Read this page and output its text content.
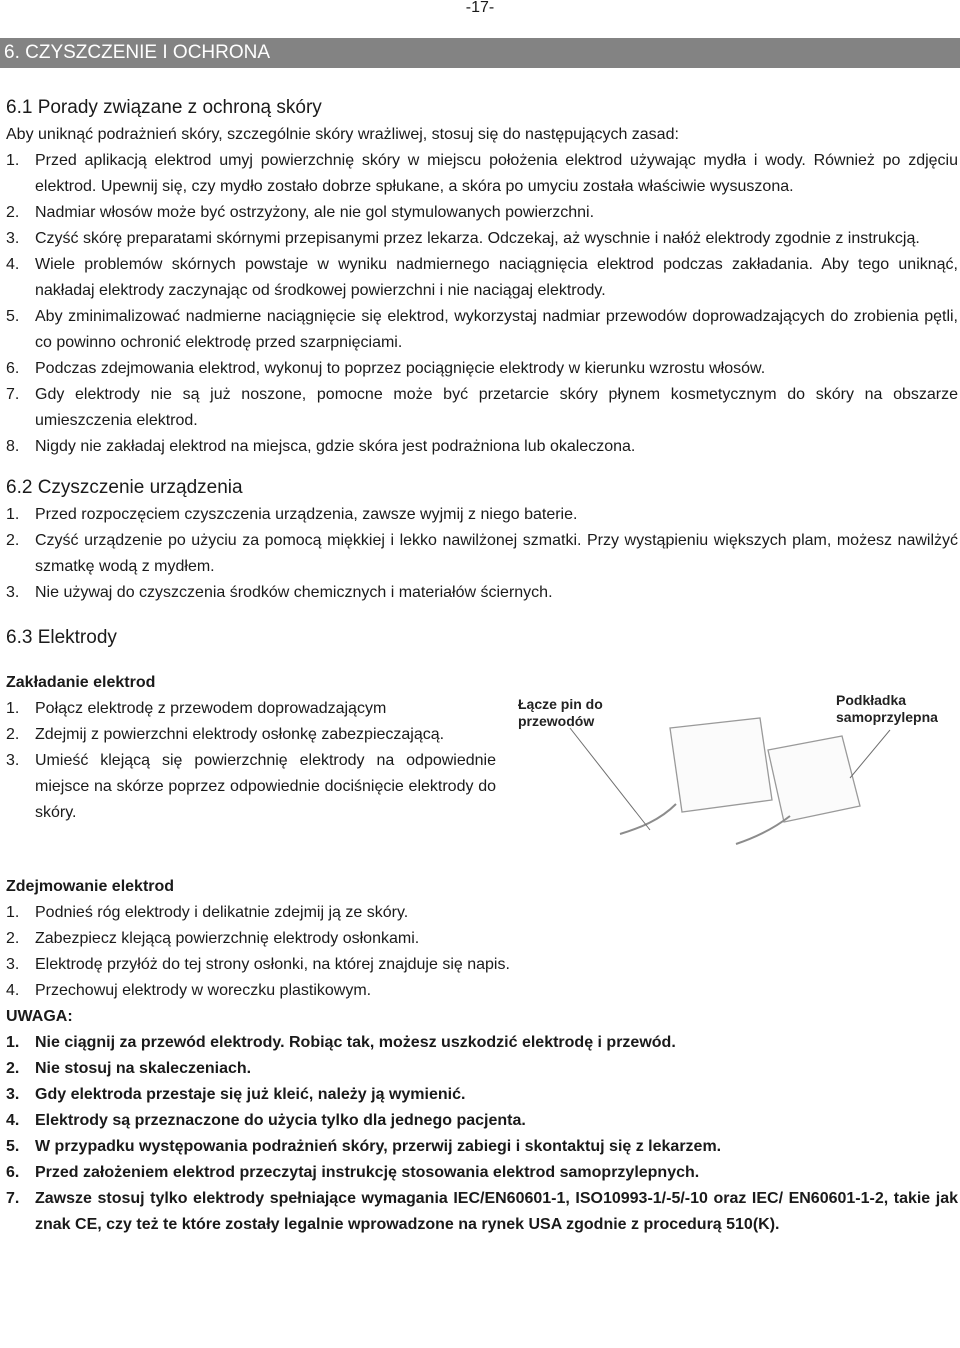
-17-
6. CZYSZCZENIE I OCHRONA
6.1 Porady związane z ochroną skóry

Aby uniknąć podrażnień skóry, szczególnie skóry wrażliwej, stosuj się do następujących zasad:

1. Przed aplikacją elektrod umyj powierzchnię skóry w miejscu położenia elektrod używając mydła i wody. Również po zdjęciu elektrod. Upewnij się, czy mydło zostało dobrze spłukane, a skóra po umyciu została właściwie wysuszona.
2. Nadmiar włosów może być ostrzyżony, ale nie gol stymulowanych powierzchni.
3. Czyść skórę preparatami skórnymi przepisanymi przez lekarza. Odczekaj, aż wyschnie i nałóż elektrody zgodnie z instrukcją.
4. Wiele problemów skórnych powstaje w wyniku nadmiernego naciągnięcia elektrod podczas zakładania. Aby tego uniknąć, nakładaj elektrody zaczynając od środkowej powierzchni i nie naciągaj elektrody.
5. Aby zminimalizować nadmierne naciągnięcie się elektrod, wykorzystaj nadmiar przewodów doprowadzających do zrobienia pętli, co powinno ochronić elektrodę przed szarpnięciami.
6. Podczas zdejmowania elektrod, wykonuj to poprzez pociągnięcie elektrody w kierunku wzrostu włosów.
7. Gdy elektrody nie są już noszone, pomocne może być przetarcie skóry płynem kosmetycznym do skóry na obszarze umieszczenia elektrod.
8. Nigdy nie zakładaj elektrod na miejsca, gdzie skóra jest podrażniona lub okaleczona.
6.2 Czyszczenie urządzenia
1. Przed rozpoczęciem czyszczenia urządzenia, zawsze wyjmij z niego baterie.
2. Czyść urządzenie po użyciu za pomocą miękkiej i lekko nawilżonej szmatki. Przy wystąpieniu większych plam, możesz nawilżyć szmatkę wodą z mydłem.
3. Nie używaj do czyszczenia środków chemicznych i materiałów ściernych.
6.3 Elektrody

Zakładanie elektrod

1. Połącz elektrodę z przewodem doprowadzającym
2. Zdejmij z powierzchni elektrody osłonkę zabezpieczającą.
3. Umieść klejącą się powierzchnię elektrody na odpowiednie miejsce na skórze poprzez odpowiednie dociśnięcie elektrody do skóry.
Łącze pin do przewodów
Podkładka samoprzylepna

Zdejmowanie elektrod

1. Podnieś róg elektrody i delikatnie zdejmij ją ze skóry.
2. Zabezpiecz klejącą powierzchnię elektrody osłonkami.
3. Elektrodę przyłóż do tej strony osłonki, na której znajduje się napis.
4. Przechowuj elektrody w woreczku plastikowym.

UWAGA:

1. Nie ciągnij za przewód elektrody. Robiąc tak, możesz uszkodzić elektrodę i przewód.
2. Nie stosuj na skaleczeniach.
3. Gdy elektroda przestaje się już kleić, należy ją wymienić.
4. Elektrody są przeznaczone do użycia tylko dla jednego pacjenta.
5. W przypadku występowania podrażnień skóry, przerwij zabiegi i skontaktuj się z lekarzem.
6. Przed założeniem elektrod przeczytaj instrukcję stosowania elektrod samoprzylepnych.
7. Zawsze stosuj tylko elektrody spełniające wymagania IEC/EN60601-1, ISO10993-1/-5/-10 oraz IEC/ EN60601-1-2, takie jak znak CE, czy też te które zostały legalnie wprowadzone na rynek USA zgodnie z procedurą 510(K).
